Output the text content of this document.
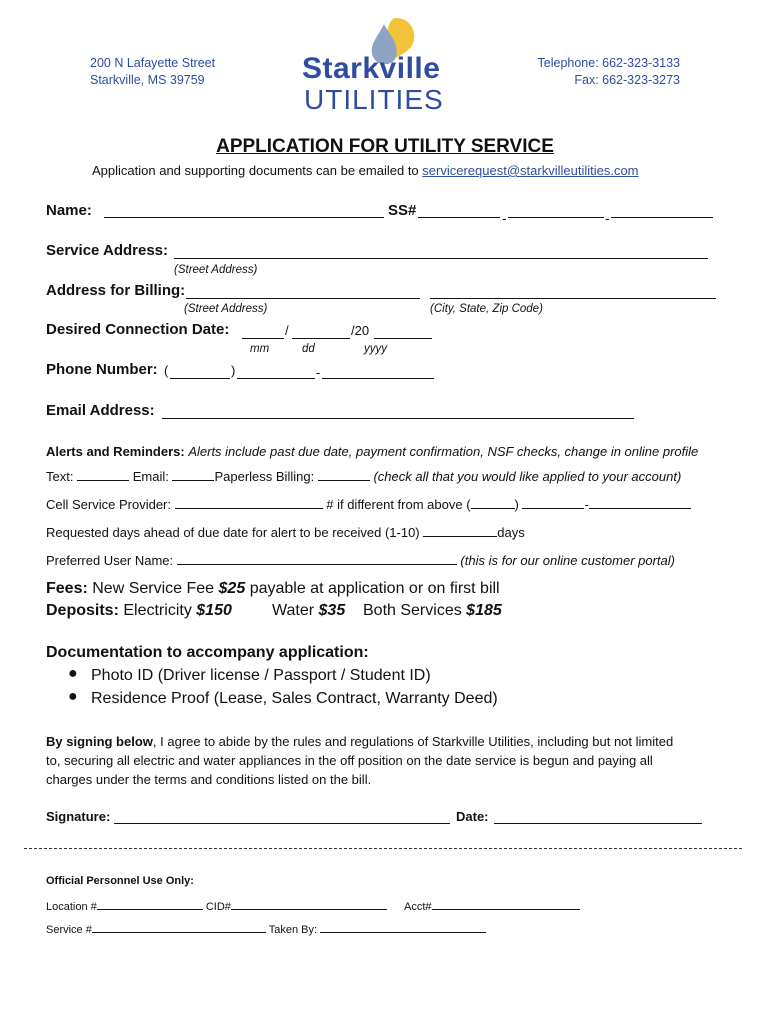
200 N Lafayette Street
Starkville, MS 39759
Telephone: 662-323-3133
Fax: 662-323-3273
Starkville
UTILITIES
APPLICATION FOR UTILITY SERVICE
Application and supporting documents can be emailed to servicerequest@starkvilleutilities.com
Name:	SS#	-	-
Service Address:
(Street Address)
Address for Billing:
(Street Address)	(City, State, Zip Code)
Desired Connection Date:	/	/20
mm	dd	yyyy
Phone Number: (	)	-
Email Address:
Alerts and Reminders: Alerts include past due date, payment confirmation, NSF checks, change in online profile
Text:	Email:	Paperless Billing:	(check all that you would like applied to your account)
Cell Service Provider:	# if different from above (	)	-
Requested days ahead of due date for alert to be received (1-10)	days
Preferred User Name:	(this is for our online customer portal)
Fees: New Service Fee $25 payable at application or on first bill
Deposits: Electricity $150	Water $35 Both Services $185
Documentation to accompany application:
● Photo ID (Driver license / Passport / Student ID)
● Residence Proof (Lease, Sales Contract, Warranty Deed)
By signing below, I agree to abide by the rules and regulations of Starkville Utilities, including but not limited
to, securing all electric and water appliances in the off position on the date service is begun and paying all
charges under the terms and conditions listed on the bill.
Signature:	Date:
Official Personnel Use Only:
Location #	CID#	Acct#
Service #	Taken By:
